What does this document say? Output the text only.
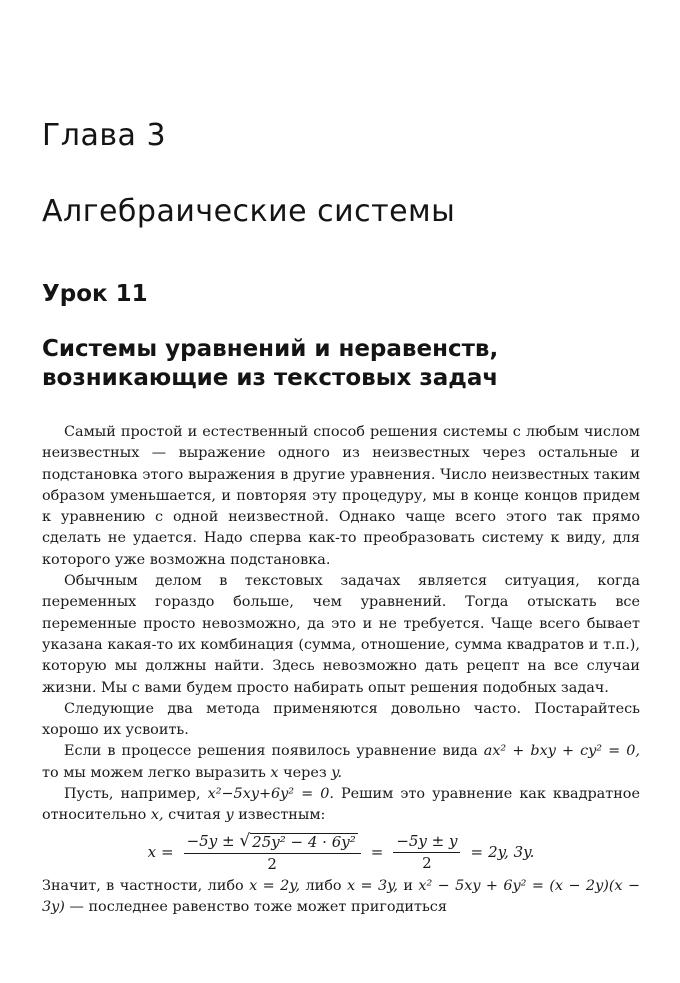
Глава 3
Алгебраические системы
Урок 11
Системы уравнений и неравенств,
возникающие из текстовых задач

Самый простой и естественный способ решения системы с любым числом неизвестных — выражение одного из неизвестных через остальные и подстановка этого выражения в другие уравнения. Число неизвестных таким образом уменьшается, и повторяя эту процедуру, мы в конце концов придем к уравнению с одной неизвестной. Однако чаще всего этого так прямо сделать не удается. Надо сперва как-то преобразовать систему к виду, для которого уже возможна подстановка.

Обычным делом в текстовых задачах является ситуация, когда переменных гораздо больше, чем уравнений. Тогда отыскать все переменные просто невозможно, да это и не требуется. Чаще всего бывает указана какая-то их комбинация (сумма, отношение, сумма квадратов и т.п.), которую мы должны найти. Здесь невозможно дать рецепт на все случаи жизни. Мы с вами будем просто набирать опыт решения подобных задач.

Следующие два метода применяются довольно часто. Постарайтесь хорошо их усвоить.

Если в процессе решения появилось уравнение вида ax² + bxy + cy² = 0, то мы можем легко выразить x через y.

Пусть, например, x²−5xy+6y² = 0. Решим это уравнение как квадратное относительно x, считая y известным:

$x = \frac{\text{−5y ± √ 25y² − 4 · 6y²}}{2} = \frac{-5y \pm y}{2} = 2y$, 3y.

Значит, в частности, либо x = 2y, либо x = 3y, и x² − 5xy + 6y² = (x − 2y)(x − 3y) — последнее равенство тоже может пригодиться
